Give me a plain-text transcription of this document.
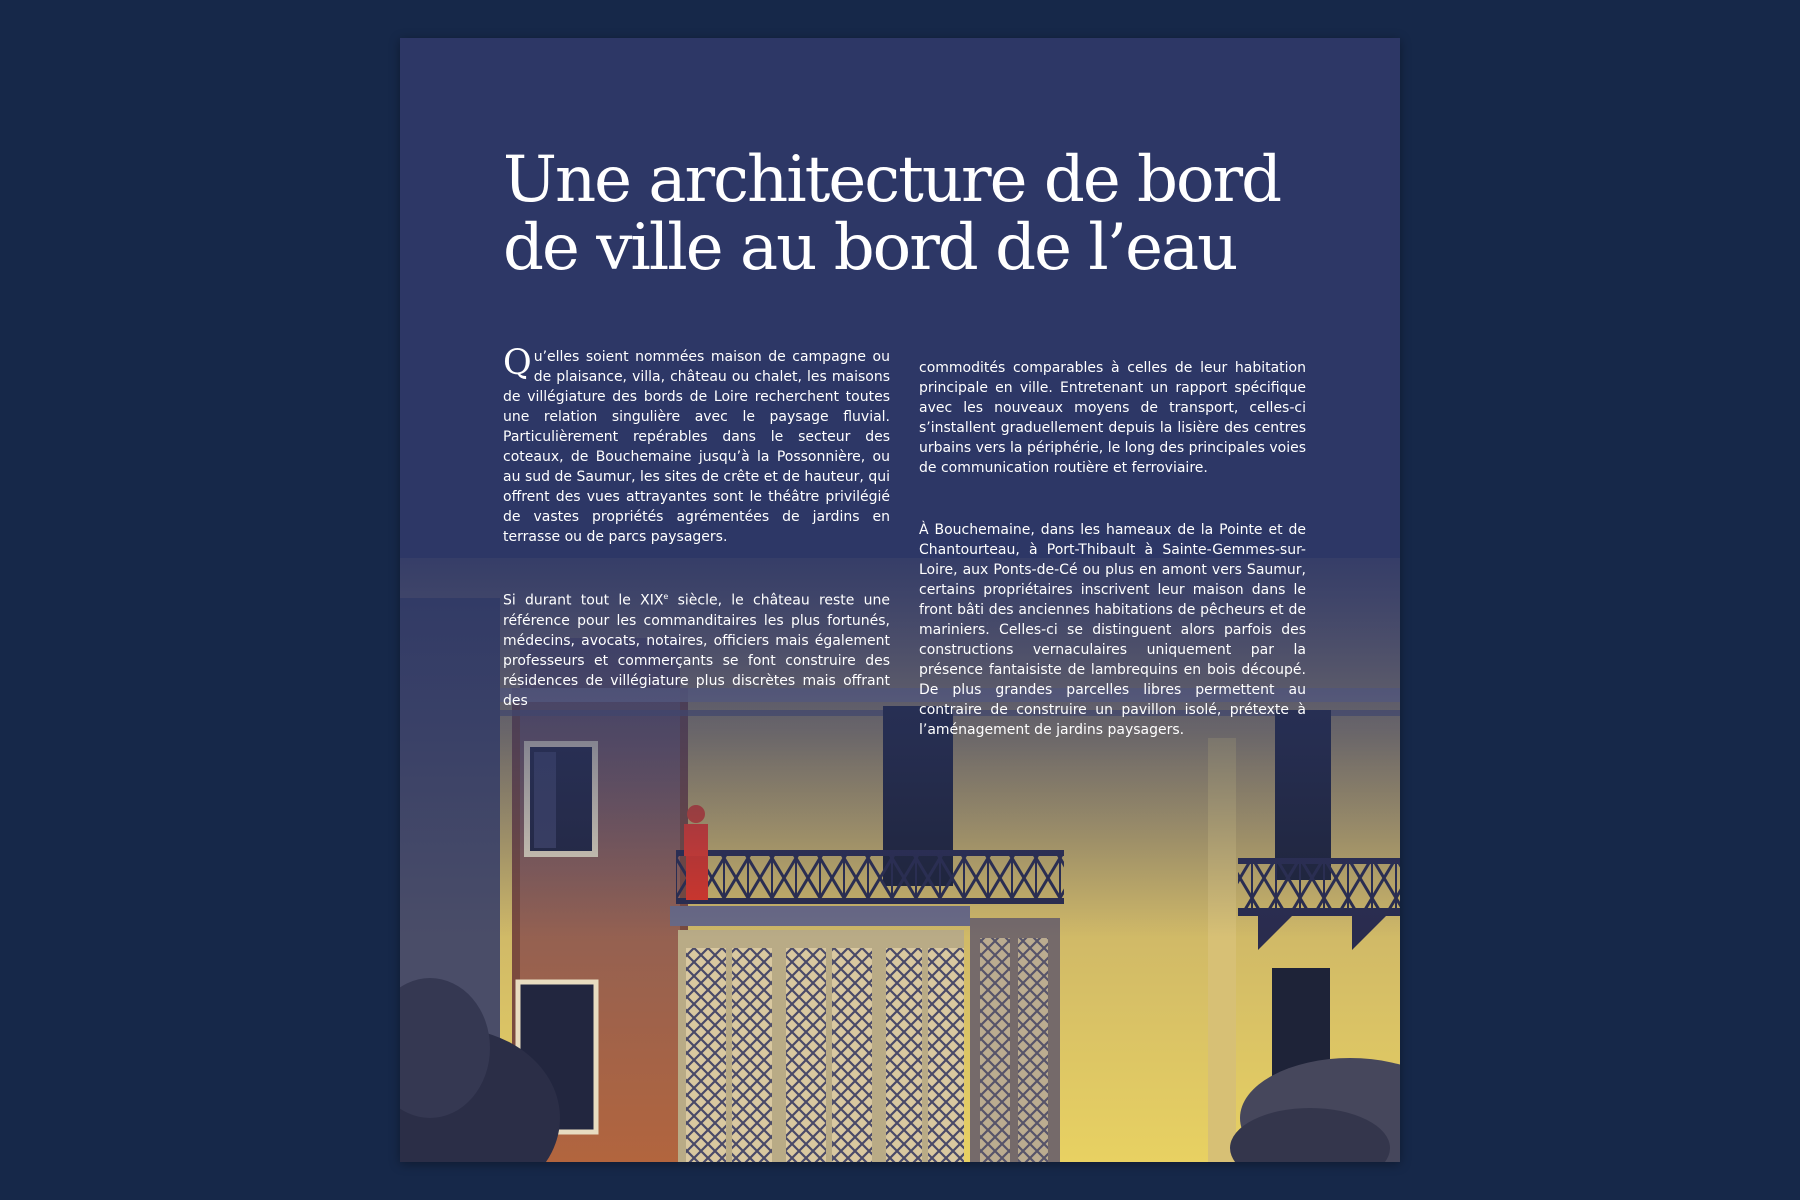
Une architecture de bord
de ville au bord de l’eau

Qu’elles soient nommées maison de campagne ou de plaisance, villa, château ou chalet, les maisons de villégiature des bords de Loire recherchent toutes une relation singulière avec le paysage fluvial. Particulièrement repérables dans le secteur des coteaux, de Bouchemaine jusqu’à la Possonnière, ou au sud de Saumur, les sites de crête et de hauteur, qui offrent des vues attrayantes sont le théâtre privilégié de vastes propriétés agrémentées de jardins en terrasse ou de parcs paysagers.

Si durant tout le XIXe siècle, le château reste une référence pour les commanditaires les plus fortunés, médecins, avocats, notaires, officiers mais également professeurs et commerçants se font construire des résidences de villégiature plus discrètes mais offrant des

commodités comparables à celles de leur habitation principale en ville. Entretenant un rapport spécifique avec les nouveaux moyens de transport, celles-ci s’installent graduellement depuis la lisière des centres urbains vers la périphérie, le long des principales voies de communication routière et ferroviaire.

À Bouchemaine, dans les hameaux de la Pointe et de Chantourteau, à Port-Thibault à Sainte-Gemmes-sur-Loire, aux Ponts-de-Cé ou plus en amont vers Saumur, certains propriétaires inscrivent leur maison dans le front bâti des anciennes habitations de pêcheurs et de mariniers. Celles-ci se distinguent alors parfois des constructions vernaculaires uniquement par la présence fantaisiste de lambrequins en bois découpé. De plus grandes parcelles libres permettent au contraire de construire un pavillon isolé, prétexte à l’aménagement de jardins paysagers.
